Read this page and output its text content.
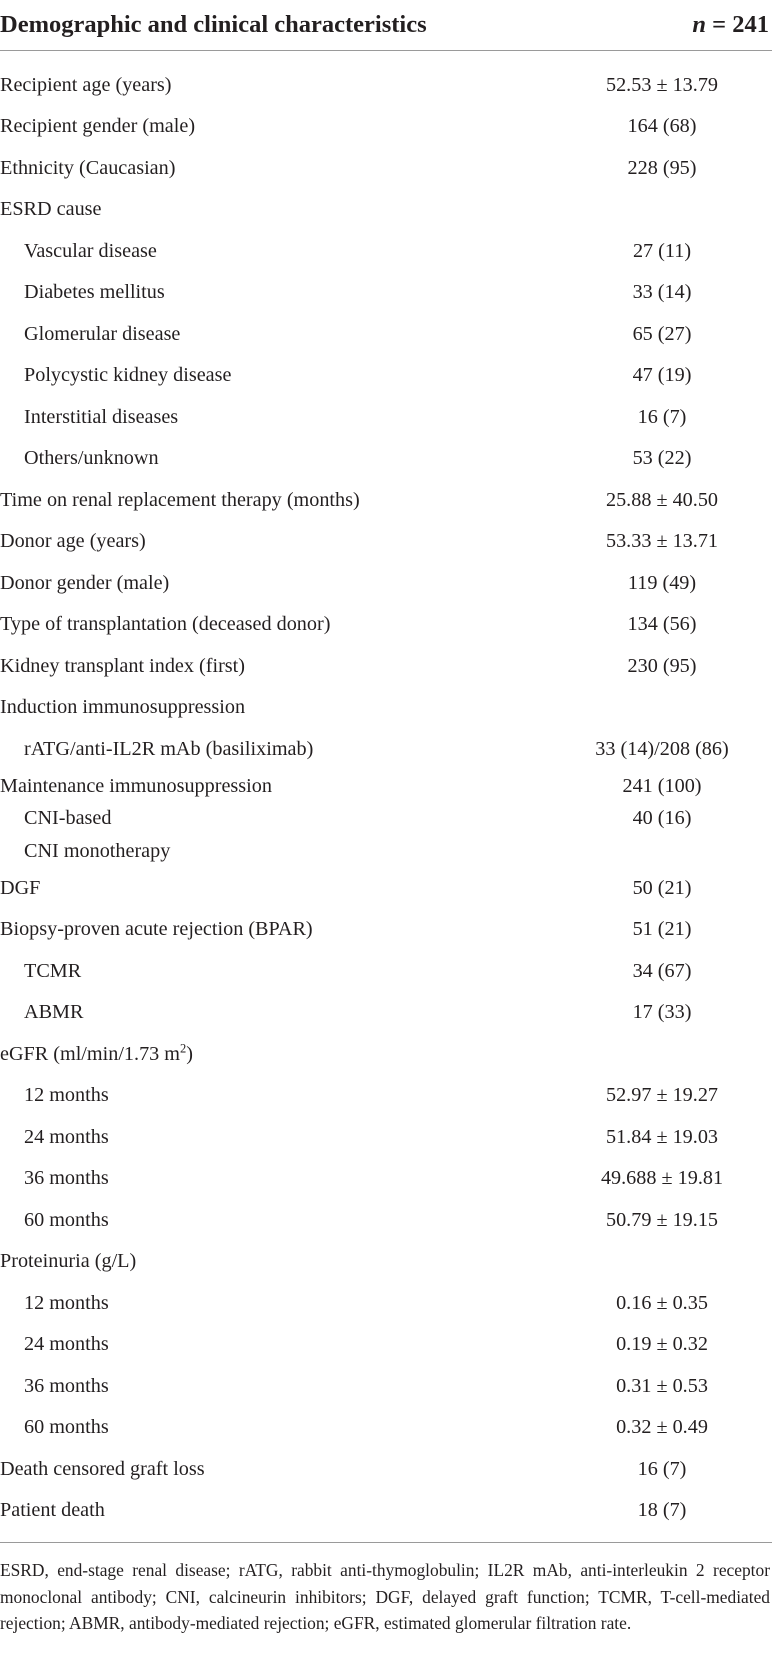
Demographic and clinical characteristics	n = 241
Recipient age (years)	52.53 ± 13.79
Recipient gender (male)	164 (68)
Ethnicity (Caucasian)	228 (95)
ESRD cause
Vascular disease	27 (11)
Diabetes mellitus	33 (14)
Glomerular disease	65 (27)
Polycystic kidney disease	47 (19)
Interstitial diseases	16 (7)
Others/unknown	53 (22)
Time on renal replacement therapy (months)	25.88 ± 40.50
Donor age (years)	53.33 ± 13.71
Donor gender (male)	119 (49)
Type of transplantation (deceased donor)	134 (56)
Kidney transplant index (first)	230 (95)
Induction immunosuppression
rATG/anti-IL2R mAb (basiliximab)	33 (14)/208 (86)
Maintenance immunosuppression	241 (100)
CNI-based	40 (16)
CNI monotherapy
DGF	50 (21)
Biopsy-proven acute rejection (BPAR)	51 (21)
TCMR	34 (67)
ABMR	17 (33)
eGFR (ml/min/1.73 $m^2$)
12 months	52.97 ± 19.27
24 months	51.84 ± 19.03
36 months	49.688 ± 19.81
60 months	50.79 ± 19.15
Proteinuria (g/L)
12 months	0.16 ± 0.35
24 months	0.19 ± 0.32
36 months	0.31 ± 0.53
60 months	0.32 ± 0.49
Death censored graft loss	16 (7)
Patient death	18 (7)
ESRD, end-stage renal disease; rATG, rabbit anti-thymoglobulin; IL2R mAb, anti-interleukin 2 receptor monoclonal antibody; CNI, calcineurin inhibitors; DGF, delayed graft function; TCMR, T-cell-mediated rejection; ABMR, antibody-mediated rejection; eGFR, estimated glomerular filtration rate.
